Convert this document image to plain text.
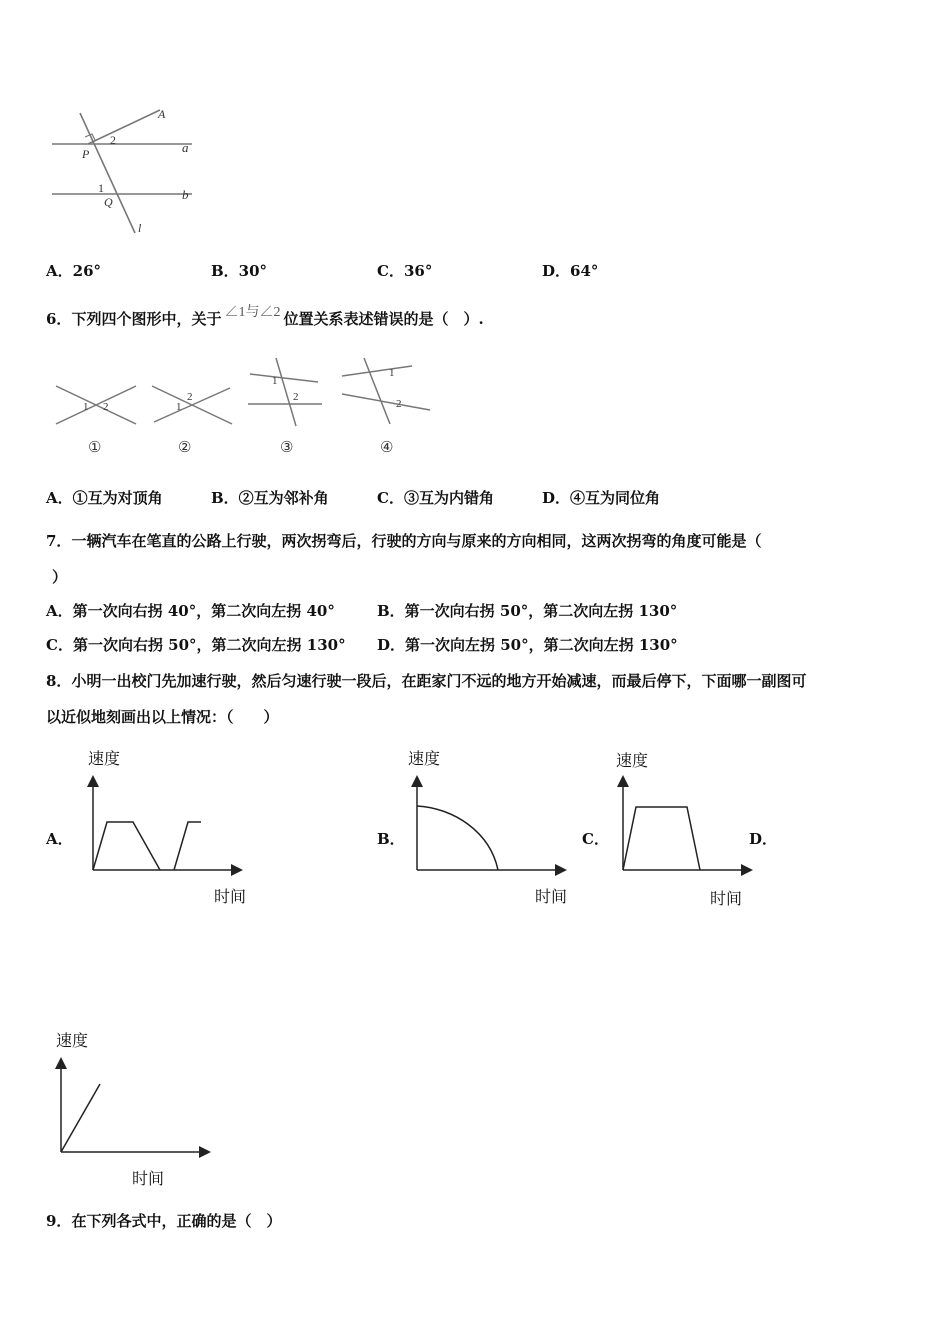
A
a
b
P
Q
l
1
2
A．26°	B．30°	C．36°	D．64°
6．下列四个图形中，关于 ∠1与∠2 位置关系表述错误的是（　）.
1 2
①
1
2
②
1
2
③
1
2
④
A．①互为对顶角	B．②互为邻补角	C．③互为内错角	D．④互为同位角
7．一辆汽车在笔直的公路上行驶，两次拐弯后，行驶的方向与原来的方向相同，这两次拐弯的角度可能是（
）
A．第一次向右拐 40°，第二次向左拐 40°	B．第一次向右拐 50°，第二次向左拐 130°
C．第一次向右拐 50°，第二次向左拐 130° D．第一次向左拐 50°，第二次向左拐 130°
8．小明一出校门先加速行驶，然后匀速行驶一段后，在距家门不远的地方开始减速，而最后停下，下面哪一副图可
以近似地刻画出以上情况：（　　）
A．
速度
时间
B．
速度
时间
C．
速度
时间
D．
速度
时间
9．在下列各式中，正确的是（　）
